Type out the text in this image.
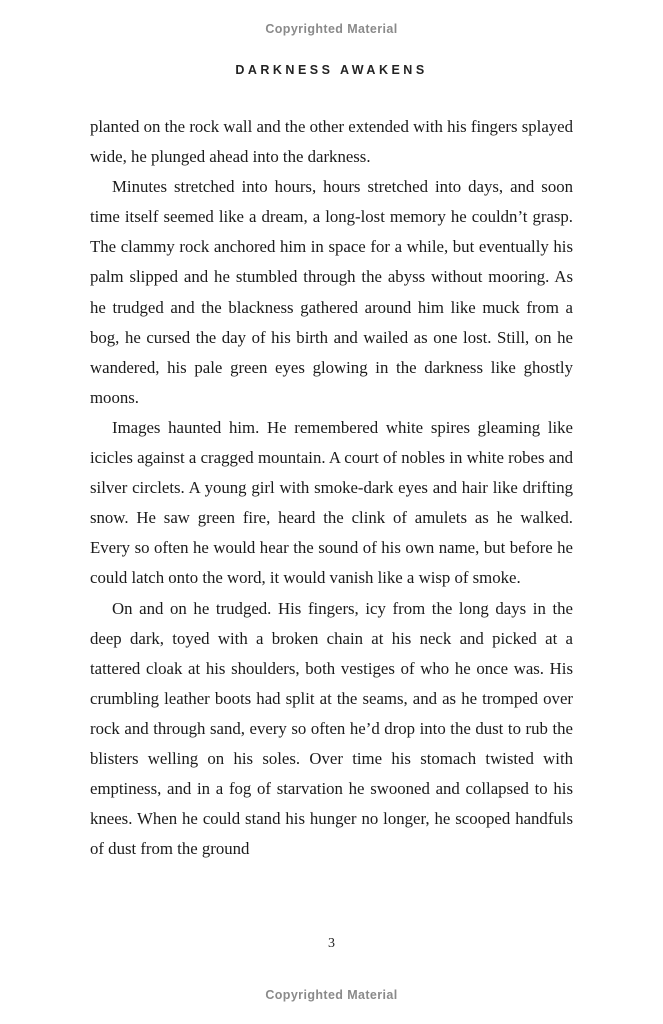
Copyrighted Material
DARKNESS AWAKENS

planted on the rock wall and the other extended with his fingers splayed wide, he plunged ahead into the darkness.

Minutes stretched into hours, hours stretched into days, and soon time itself seemed like a dream, a long-lost memory he couldn’t grasp. The clammy rock anchored him in space for a while, but eventually his palm slipped and he stumbled through the abyss without mooring. As he trudged and the blackness gathered around him like muck from a bog, he cursed the day of his birth and wailed as one lost. Still, on he wandered, his pale green eyes glowing in the darkness like ghostly moons.

Images haunted him. He remembered white spires gleaming like icicles against a cragged mountain. A court of nobles in white robes and silver circlets. A young girl with smoke-dark eyes and hair like drifting snow. He saw green fire, heard the clink of amulets as he walked. Every so often he would hear the sound of his own name, but before he could latch onto the word, it would vanish like a wisp of smoke.

On and on he trudged. His fingers, icy from the long days in the deep dark, toyed with a broken chain at his neck and picked at a tattered cloak at his shoulders, both vestiges of who he once was. His crumbling leather boots had split at the seams, and as he tromped over rock and through sand, every so often he’d drop into the dust to rub the blisters welling on his soles. Over time his stomach twisted with emptiness, and in a fog of starvation he swooned and collapsed to his knees. When he could stand his hunger no longer, he scooped handfuls of dust from the ground

3
Copyrighted Material
